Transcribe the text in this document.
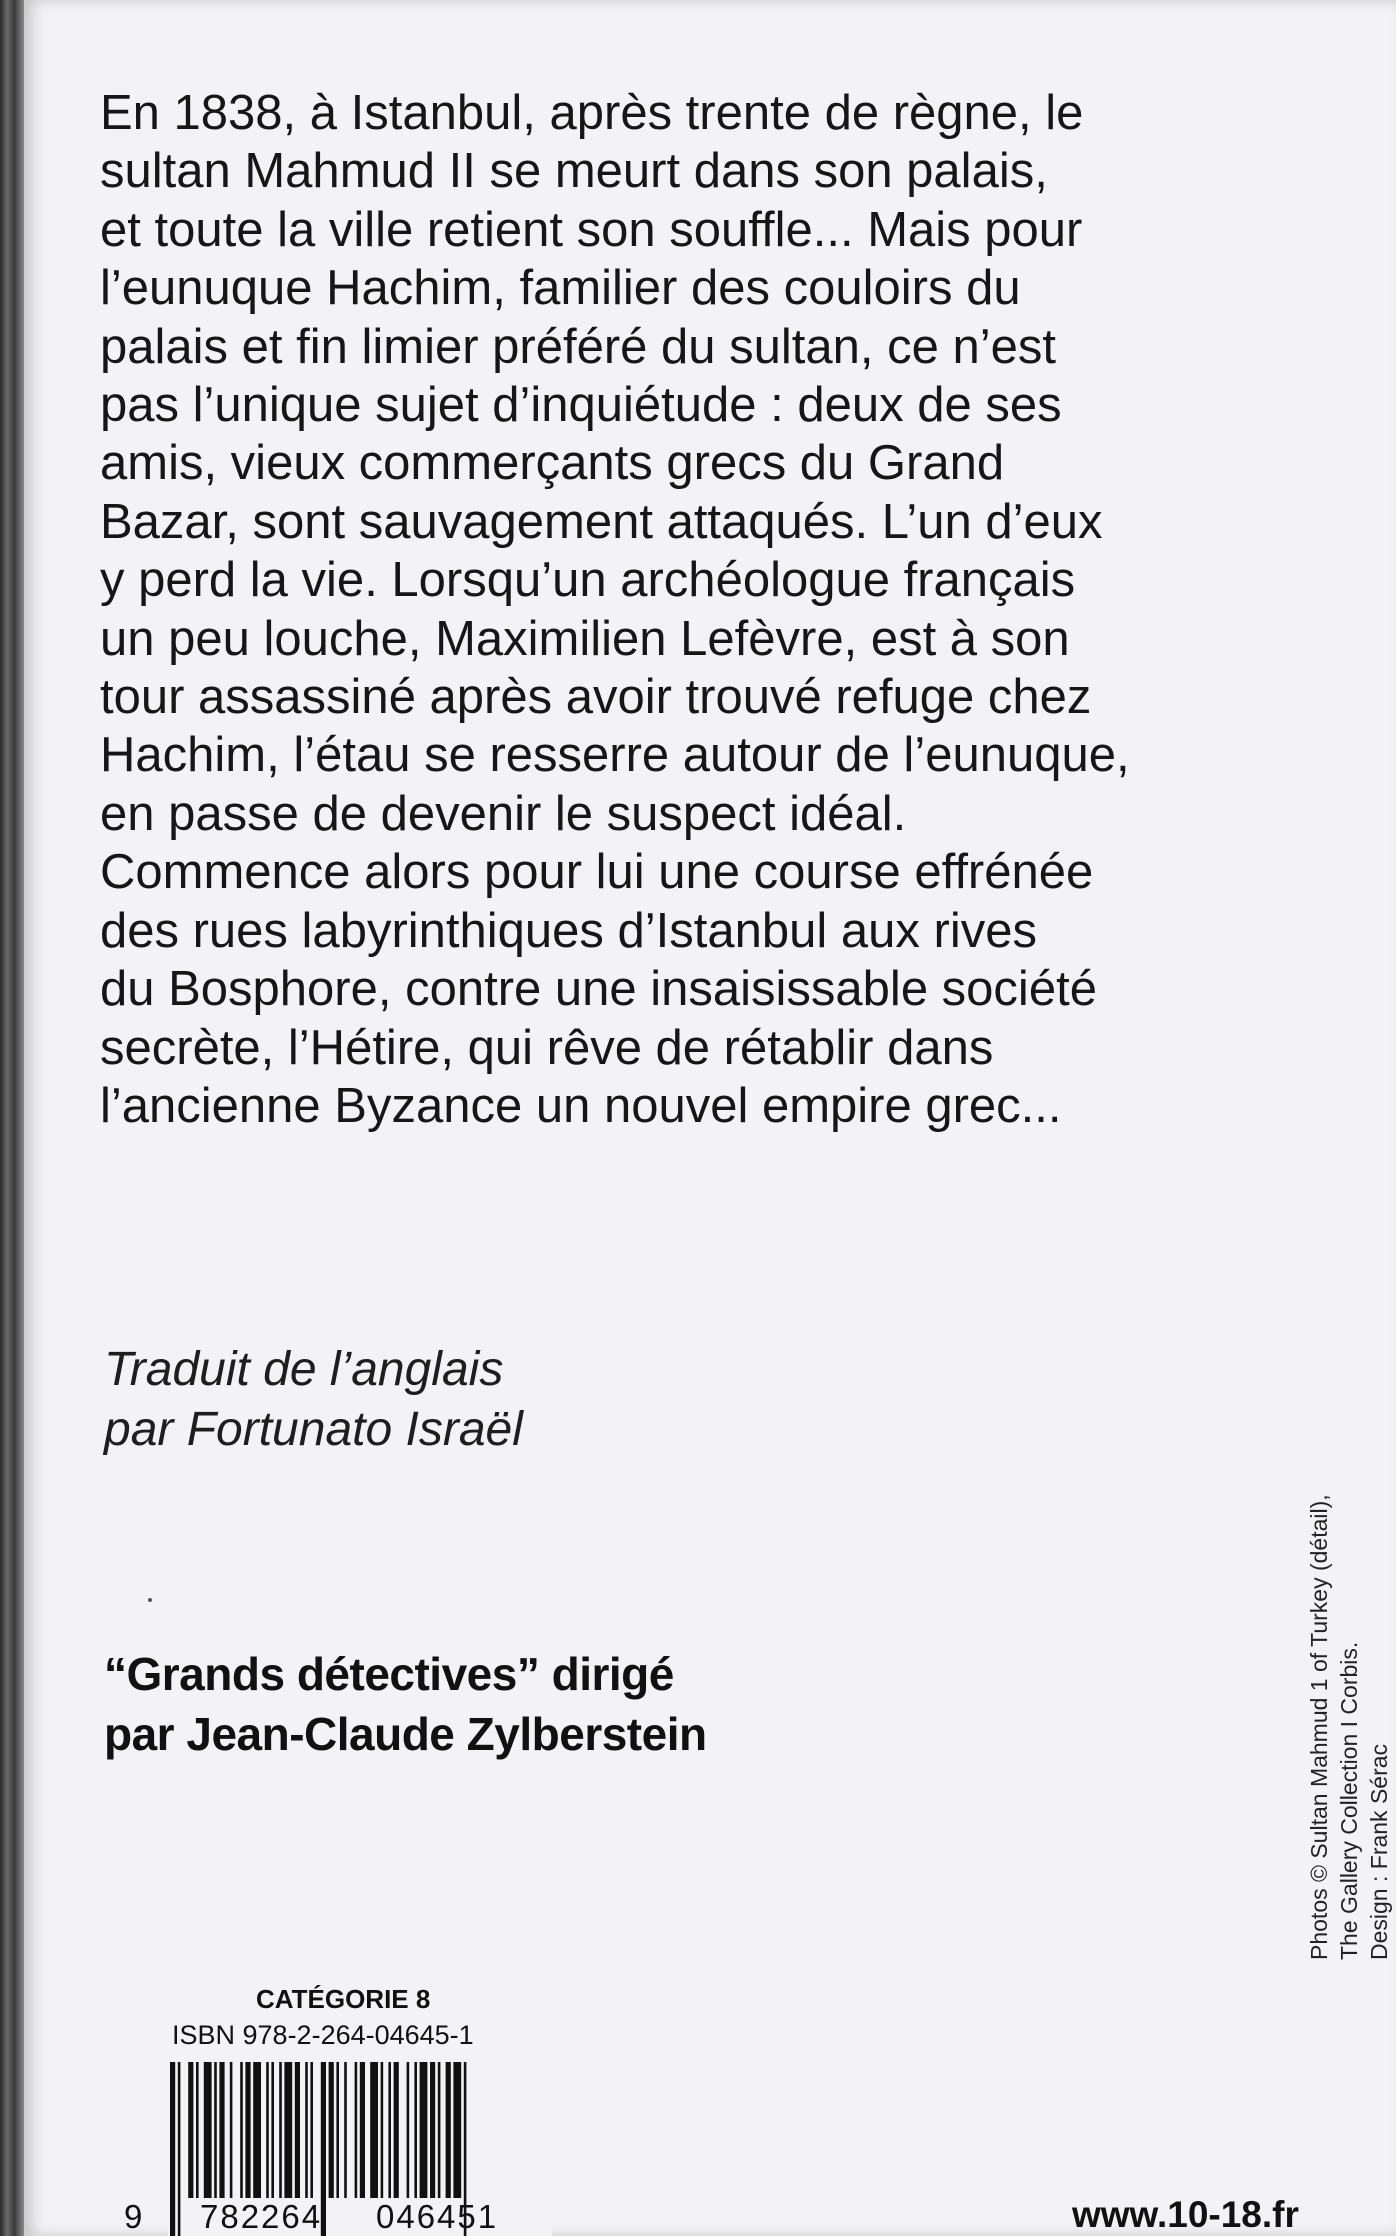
En 1838, à Istanbul, après trente de règne, le
sultan Mahmud II se meurt dans son palais,
et toute la ville retient son souffle... Mais pour
l’eunuque Hachim, familier des couloirs du
palais et fin limier préféré du sultan, ce n’est
pas l’unique sujet d’inquiétude : deux de ses
amis, vieux commerçants grecs du Grand
Bazar, sont sauvagement attaqués. L’un d’eux
y perd la vie. Lorsqu’un archéologue français
un peu louche, Maximilien Lefèvre, est à son
tour assassiné après avoir trouvé refuge chez
Hachim, l’étau se resserre autour de l’eunuque,
en passe de devenir le suspect idéal.
Commence alors pour lui une course effrénée
des rues labyrinthiques d’Istanbul aux rives
du Bosphore, contre une insaisissable société
secrète, l’Hétire, qui rêve de rétablir dans
l’ancienne Byzance un nouvel empire grec...
Traduit de l’anglais
par Fortunato Israël
“Grands détectives” dirigé
par Jean-Claude Zylberstein
CATÉGORIE 8
ISBN 978-2-264-04645-1
9 782264 046451	www.10-18.fr
Photos © Sultan Mahmud 1 of Turkey (détail), The Gallery Collection I Corbis. Design : Frank Sérac
